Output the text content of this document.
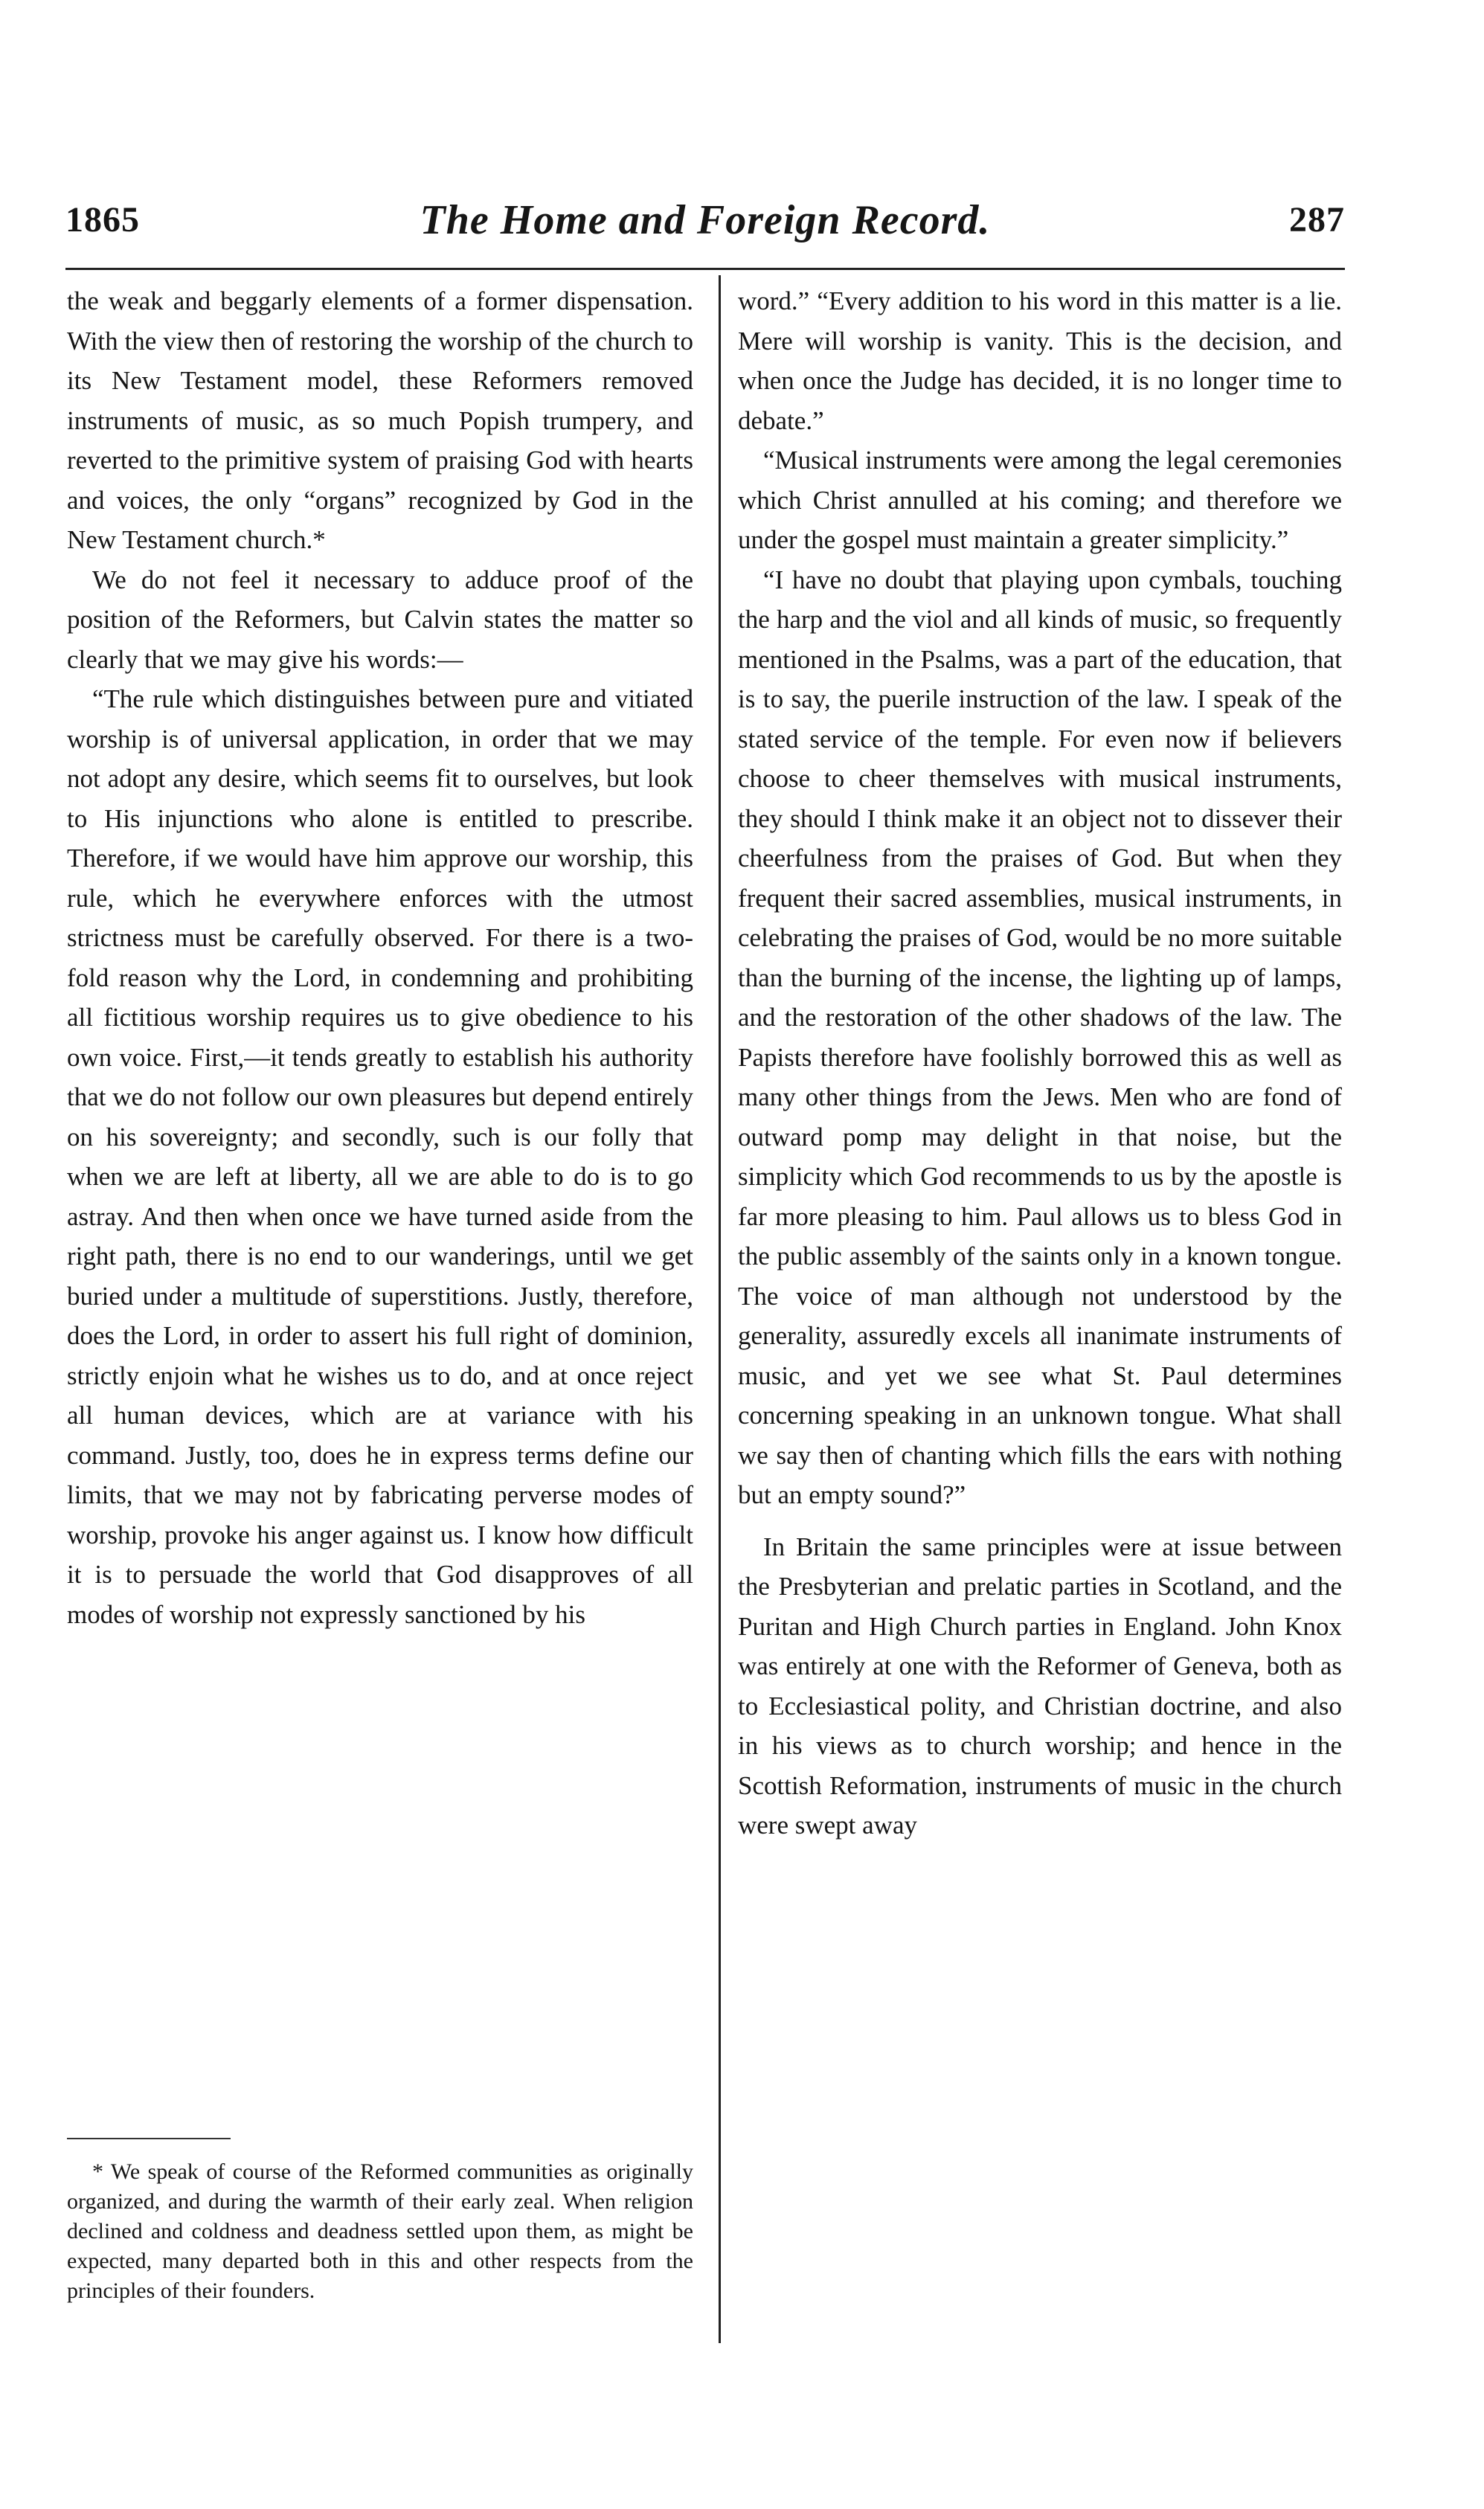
1865	The Home and Foreign Record.	287

the weak and beggarly elements of a former dispensation. With the view then of restoring the worship of the church to its New Testament model, these Reformers removed instruments of music, as so much Popish trumpery, and reverted to the primitive system of praising God with hearts and voices, the only “organs” recognized by God in the New Testament church.*

We do not feel it necessary to adduce proof of the position of the Reformers, but Calvin states the matter so clearly that we may give his words:—

“The rule which distinguishes between pure and vitiated worship is of universal application, in order that we may not adopt any desire, which seems fit to ourselves, but look to His injunctions who alone is entitled to prescribe. Therefore, if we would have him approve our worship, this rule, which he everywhere enforces with the utmost strictness must be carefully observed. For there is a two-fold reason why the Lord, in condemning and prohibiting all fictitious worship requires us to give obedience to his own voice. First,—it tends greatly to establish his authority that we do not follow our own pleasures but depend entirely on his sovereignty; and secondly, such is our folly that when we are left at liberty, all we are able to do is to go astray. And then when once we have turned aside from the right path, there is no end to our wanderings, until we get buried under a multitude of superstitions. Justly, therefore, does the Lord, in order to assert his full right of dominion, strictly enjoin what he wishes us to do, and at once reject all human devices, which are at variance with his command. Justly, too, does he in express terms define our limits, that we may not by fabricating perverse modes of worship, provoke his anger against us. I know how difficult it is to persuade the world that God disapproves of all modes of worship not expressly sanctioned by his

* We speak of course of the Reformed communities as originally organized, and during the warmth of their early zeal. When religion declined and coldness and deadness settled upon them, as might be expected, many departed both in this and other respects from the principles of their founders.

word.” “Every addition to his word in this matter is a lie. Mere will worship is vanity. This is the decision, and when once the Judge has decided, it is no longer time to debate.”

“Musical instruments were among the legal ceremonies which Christ annulled at his coming; and therefore we under the gospel must maintain a greater simplicity.”

“I have no doubt that playing upon cymbals, touching the harp and the viol and all kinds of music, so frequently mentioned in the Psalms, was a part of the education, that is to say, the puerile instruction of the law. I speak of the stated service of the temple. For even now if believers choose to cheer themselves with musical instruments, they should I think make it an object not to dissever their cheerfulness from the praises of God. But when they frequent their sacred assemblies, musical instruments, in celebrating the praises of God, would be no more suitable than the burning of the incense, the lighting up of lamps, and the restoration of the other shadows of the law. The Papists therefore have foolishly borrowed this as well as many other things from the Jews. Men who are fond of outward pomp may delight in that noise, but the simplicity which God recommends to us by the apostle is far more pleasing to him. Paul allows us to bless God in the public assembly of the saints only in a known tongue. The voice of man although not understood by the generality, assuredly excels all inanimate instruments of music, and yet we see what St. Paul determines concerning speaking in an unknown tongue. What shall we say then of chanting which fills the ears with nothing but an empty sound?”

In Britain the same principles were at issue between the Presbyterian and prelatic parties in Scotland, and the Puritan and High Church parties in England. John Knox was entirely at one with the Reformer of Geneva, both as to Ecclesiastical polity, and Christian doctrine, and also in his views as to church worship; and hence in the Scottish Reformation, instruments of music in the church were swept away
